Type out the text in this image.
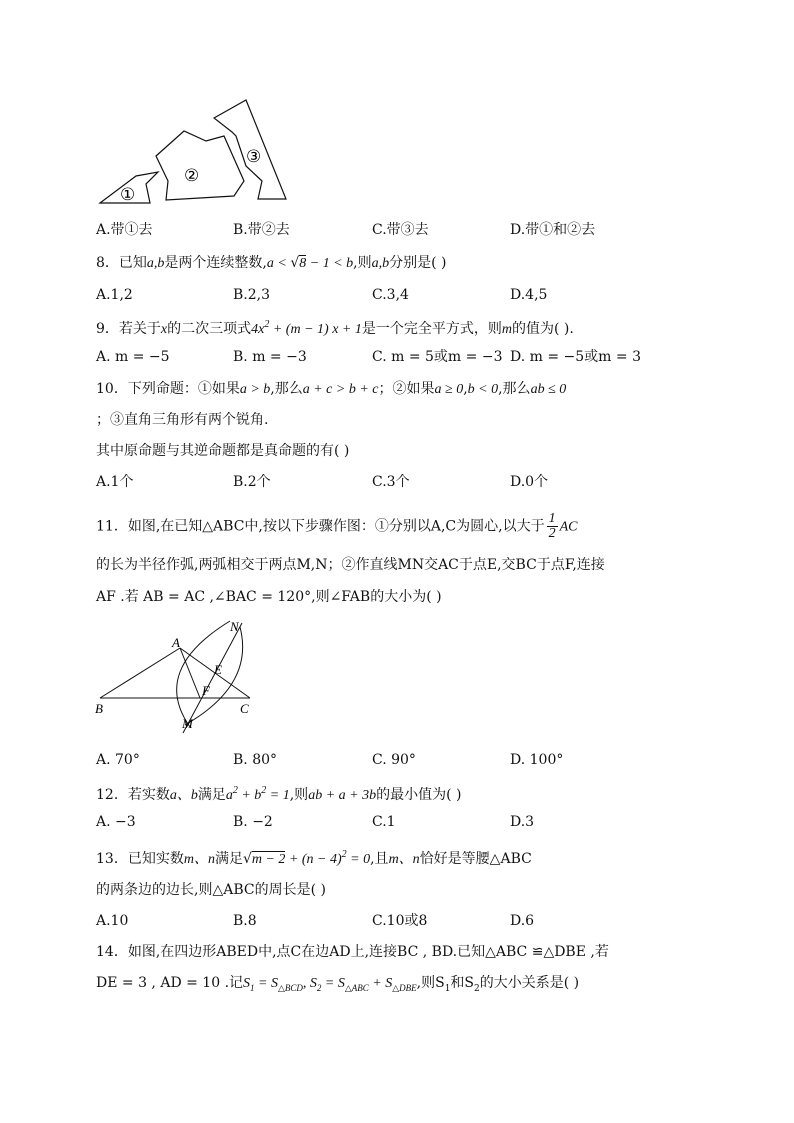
①
②
③
A.带①去	B.带②去	C.带③去	D.带①和②去
8．已知a,b是两个连续整数,a < √8 − 1 < b,则a,b分别是( )
A.1,2	B.2,3	C.3,4	D.4,5
9．若关于x的二次三项式$4x^2 + (m - 1) x + 1$是一个完全平方式，则m的值为( ).
A. m = −5	B. m = −3	C. m = 5或m = −3 D. m = −5或m = 3
10．下列命题：①如果a > b,那么a + c > b + c；②如果a ≥ 0,b < 0,那么ab ≤ 0
；③直角三角形有两个锐角.
其中原命题与其逆命题都是真命题的有( )
A.1个	B.2个	C.3个	D.0个
11．如图,在已知△ABC中,按以下步骤作图：①分别以A,C为圆心,以大于 $\frac{1}{2}$ AC
的长为半径作弧,两弧相交于两点M,N；②作直线MN交AC于点E,交BC于点F,连接
AF .若 AB = AC ,∠BAC = 120°,则∠FAB的大小为( )
A
B	C
E
F
M
N
A. 70°	B. 80°	C. 90°	D. 100°
12．若实数a、b满足$a^2 + b^2 = 1$,则ab + a + 3b的最小值为( )
A. −3	B. −2	C.1	D.3
13．已知实数m、n满足$√m - 2 + (n - 4)^2 = 0$,且m、n恰好是等腰△ABC
的两条边的边长,则△ABC的周长是( )
A.10	B.8	C.10或8	D.6
14．如图,在四边形ABED中,点C在边AD上,连接BC , BD.已知△ABC ≌△DBE ,若
DE = 3 , AD = 10 .记$S_1 = S_{\triangle BCD}$, $S_2 = S_{\triangle ABC} + S_{\triangle DBE}$,则$S_1$和$S_2$的大小关系是( )
